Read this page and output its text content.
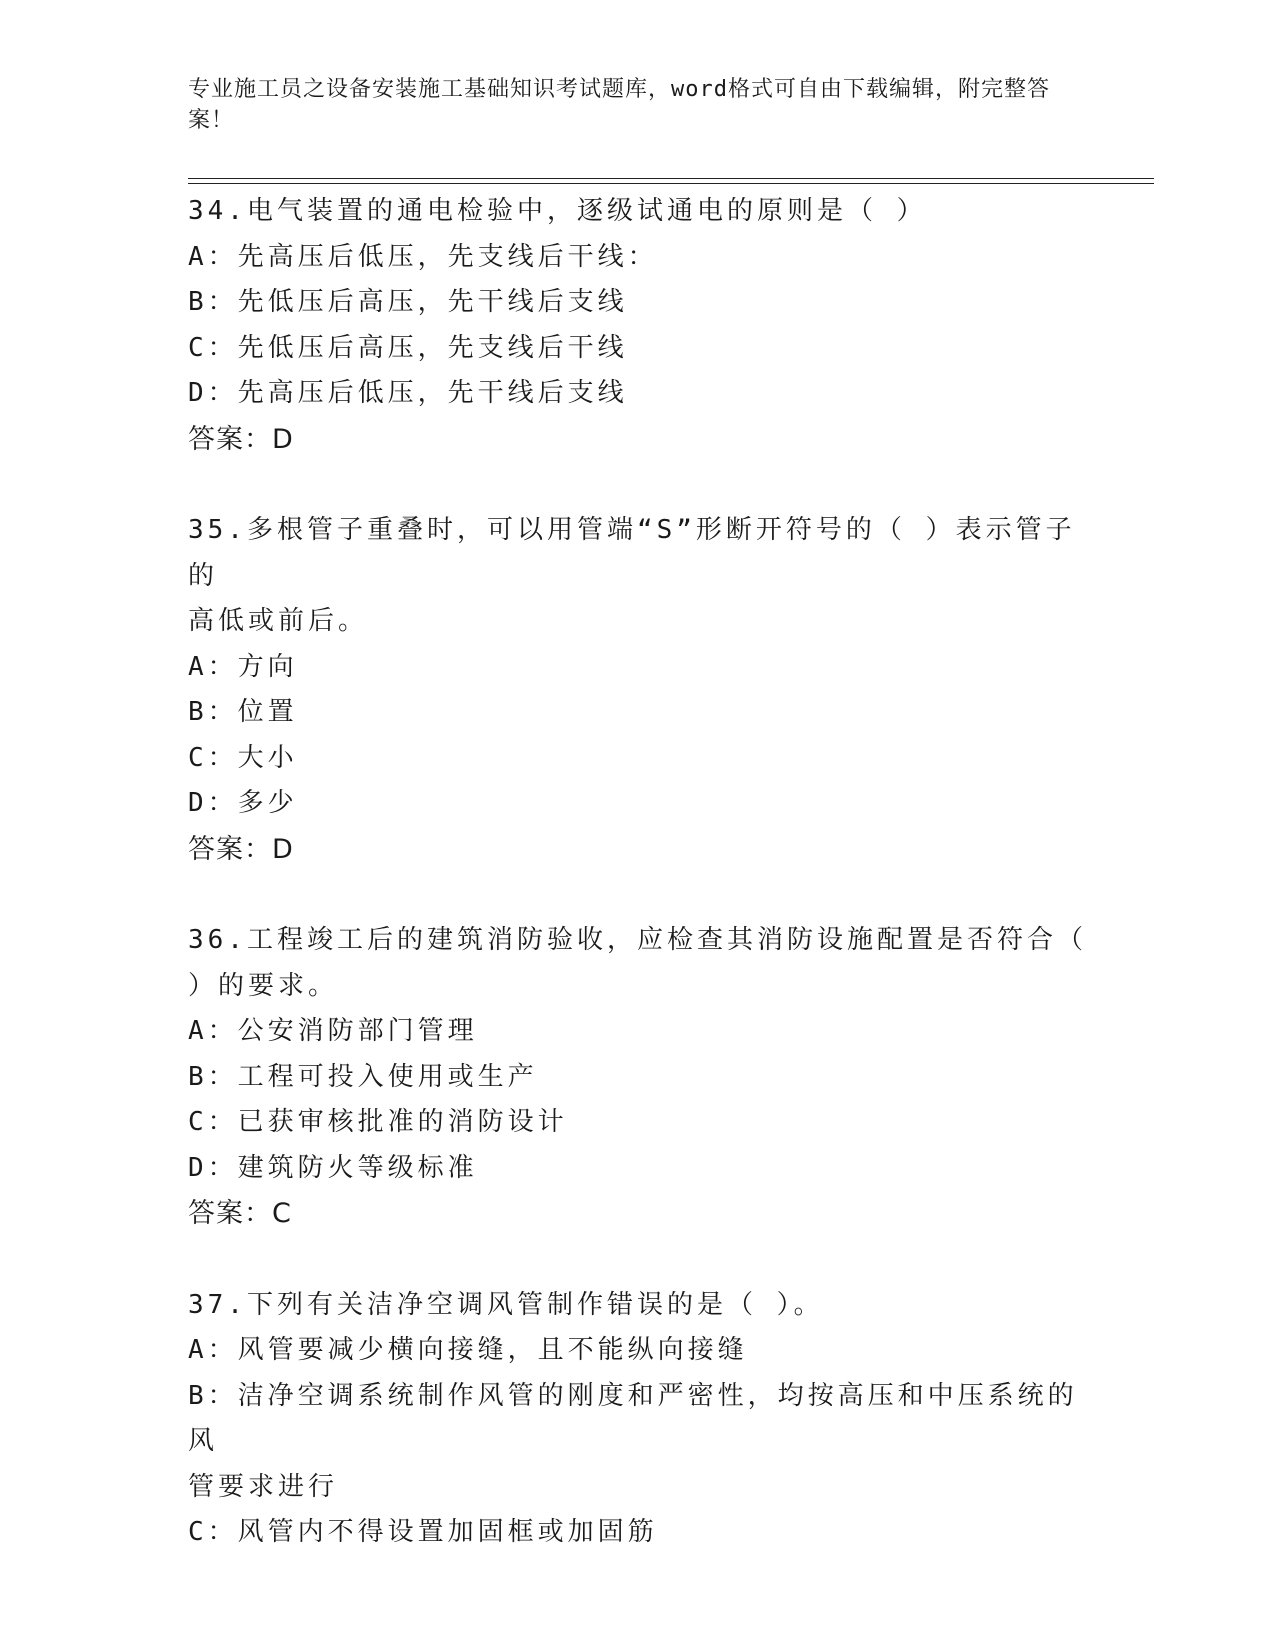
专业施工员之设备安装施工基础知识考试题库，word格式可自由下载编辑，附完整答案！
34.电气装置的通电检验中，逐级试通电的原则是（ ）
A：先高压后低压，先支线后干线：
B：先低压后高压，先干线后支线
C：先低压后高压，先支线后干线
D：先高压后低压，先干线后支线
答案：D
35.多根管子重叠时，可以用管端“S”形断开符号的（ ）表示管子的
高低或前后。
A：方向
B：位置
C：大小
D：多少
答案：D
36.工程竣工后的建筑消防验收，应检查其消防设施配置是否符合（
）的要求。
A：公安消防部门管理
B：工程可投入使用或生产
C：已获审核批准的消防设计
D：建筑防火等级标准
答案：C
37.下列有关洁净空调风管制作错误的是（ ）。
A：风管要减少横向接缝，且不能纵向接缝
B：洁净空调系统制作风管的刚度和严密性，均按高压和中压系统的风
管要求进行
C：风管内不得设置加固框或加固筋
